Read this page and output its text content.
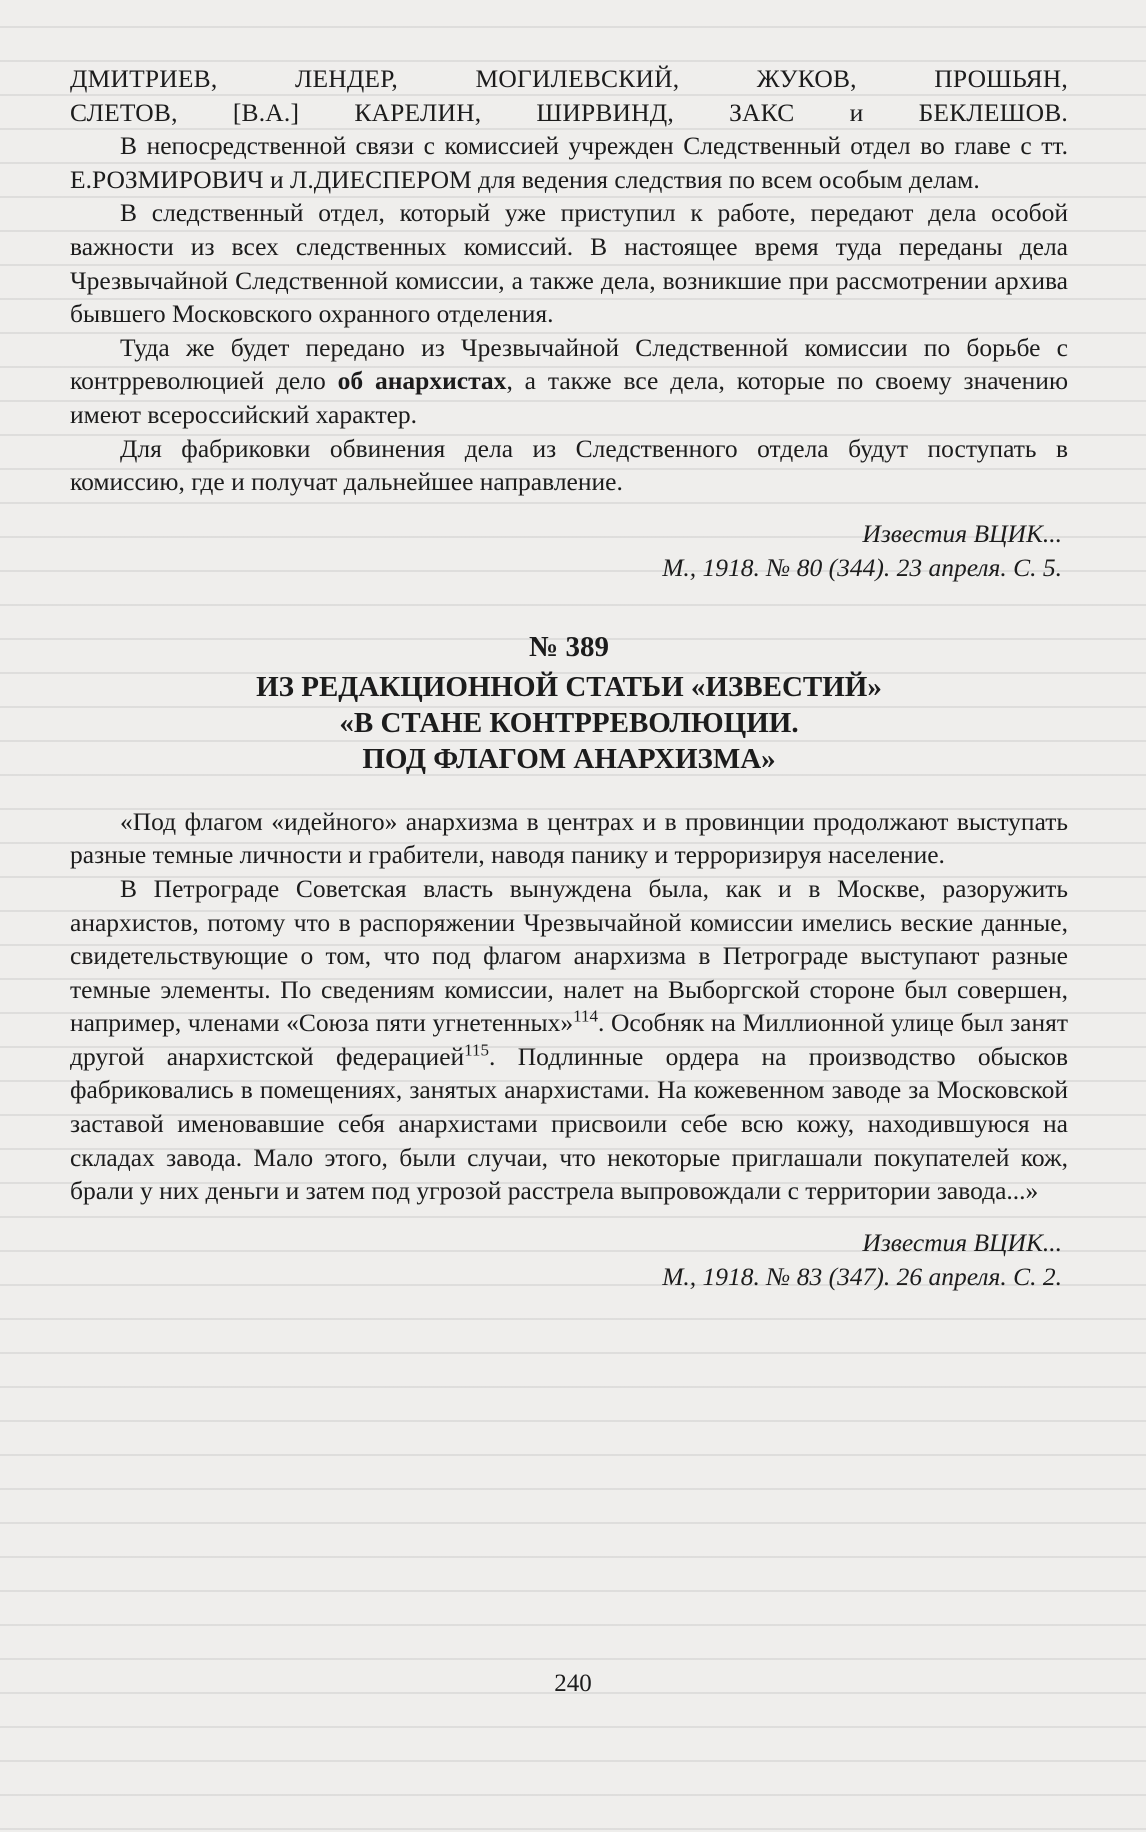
ДМИТРИЕВ, ЛЕНДЕР, МОГИЛЕВСКИЙ, ЖУКОВ, ПРОШЬЯН,

СЛЕТОВ, [В.А.] КАРЕЛИН, ШИРВИНД, ЗАКС и БЕКЛЕШОВ.

В непосредственной связи с комиссией учрежден Следственный отдел во главе с тт. Е.РОЗМИРОВИЧ и Л.ДИЕСПЕРОМ для ведения следствия по всем особым делам.

В следственный отдел, который уже приступил к работе, передают дела особой важности из всех следственных комиссий. В настоящее время туда переданы дела Чрезвычайной Следственной комиссии, а также дела, возникшие при рассмотрении архива бывшего Московского охранного отделения.

Туда же будет передано из Чрезвычайной Следственной комиссии по борьбе с контрреволюцией дело об анархистах, а также все дела, которые по своему значению имеют всероссийский характер.

Для фабриковки обвинения дела из Следственного отдела будут поступать в комиссию, где и получат дальнейшее направление.

Известия ВЦИК...
М., 1918. № 80 (344). 23 апреля. С. 5.
№ 389
ИЗ РЕДАКЦИОННОЙ СТАТЬИ «ИЗВЕСТИЙ»
«В СТАНЕ КОНТРРЕВОЛЮЦИИ.
ПОД ФЛАГОМ АНАРХИЗМА»

«Под флагом «идейного» анархизма в центрах и в провинции продолжают выступать разные темные личности и грабители, наводя панику и терроризируя население.

В Петрограде Советская власть вынуждена была, как и в Москве, разоружить анархистов, потому что в распоряжении Чрезвычайной комиссии имелись веские данные, свидетельствующие о том, что под флагом анархизма в Петрограде выступают разные темные элементы. По сведениям комиссии, налет на Выборгской стороне был совершен, например, членами «Союза пяти угнетенных»$^{114}$. Особняк на Миллионной улице был занят другой анархистской федерацией$^{115}$. Подлинные ордера на производство обысков фабриковались в помещениях, занятых анархистами. На кожевенном заводе за Московской заставой именовавшие себя анархистами присвоили себе всю кожу, находившуюся на складах завода. Мало этого, были случаи, что некоторые приглашали покупателей кож, брали у них деньги и затем под угрозой расстрела выпровождали с территории завода...»

Известия ВЦИК...
М., 1918. № 83 (347). 26 апреля. С. 2.
240
